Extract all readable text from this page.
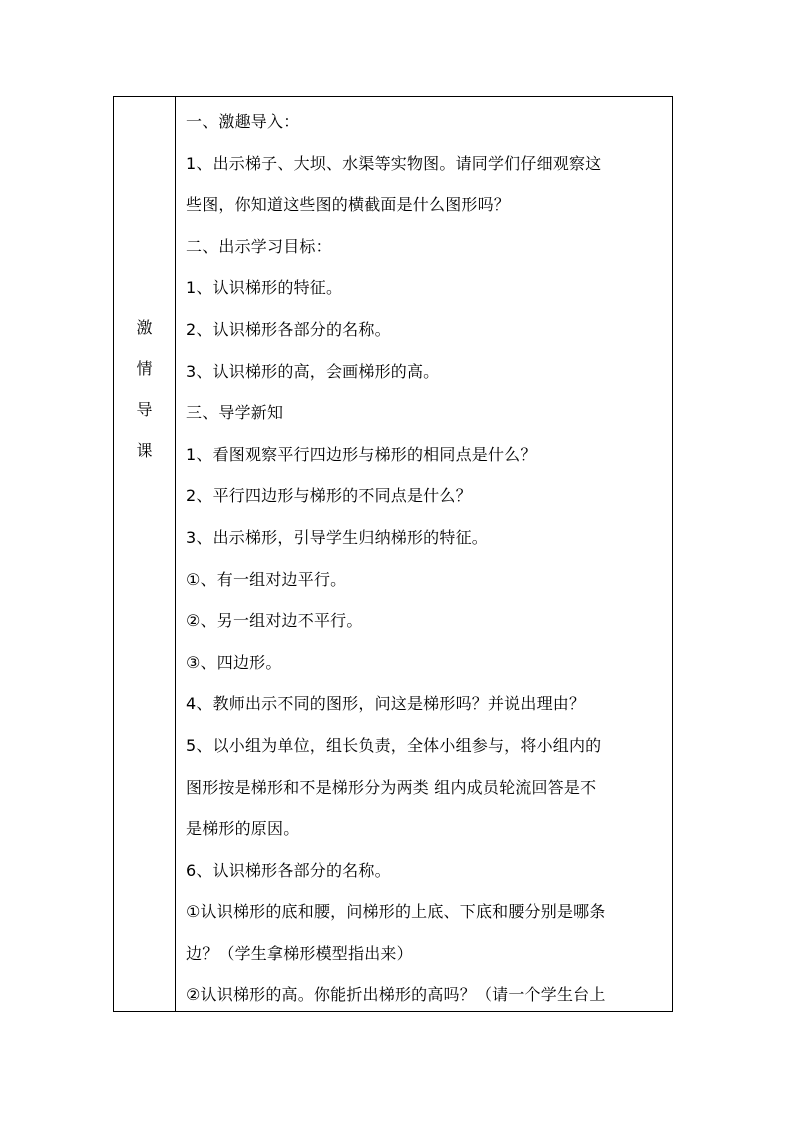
激
情
导
课
一、激趣导入：
1、出示梯子、大坝、水渠等实物图。请同学们仔细观察这
些图，你知道这些图的横截面是什么图形吗？
二、出示学习目标：
1、认识梯形的特征。
2、认识梯形各部分的名称。
3、认识梯形的高，会画梯形的高。
三、导学新知
1、看图观察平行四边形与梯形的相同点是什么？
2、平行四边形与梯形的不同点是什么？
3、出示梯形，引导学生归纳梯形的特征。
①、有一组对边平行。
②、另一组对边不平行。
③、四边形。
4、教师出示不同的图形，问这是梯形吗？并说出理由？
5、以小组为单位，组长负责，全体小组参与，将小组内的
图形按是梯形和不是梯形分为两类 组内成员轮流回答是不
是梯形的原因。
6、认识梯形各部分的名称。
①认识梯形的底和腰，问梯形的上底、下底和腰分别是哪条
边？（学生拿梯形模型指出来）
②认识梯形的高。你能折出梯形的高吗？（请一个学生台上
